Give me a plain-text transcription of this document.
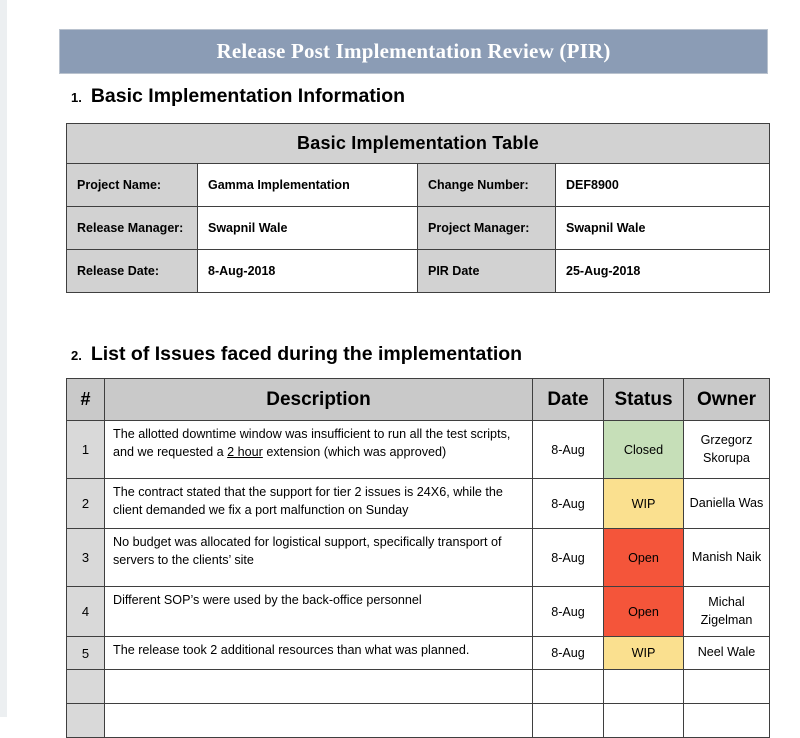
Release Post Implementation Review (PIR)
1. Basic Implementation Information
Basic Implementation Table			
Project Name:	Gamma Implementation	Change Number:	DEF8900
Release Manager:	Swapnil Wale	Project Manager:	Swapnil Wale
Release Date:	8-Aug-2018	PIR Date	25-Aug-2018
2. List of Issues faced during the implementation
#	Description	Date	Status	Owner
1	The allotted downtime window was insufficient to run all the test scripts, and we requested a 2 hour extension (which was approved)	8-Aug	Closed	Grzegorz Skorupa
2	The contract stated that the support for tier 2 issues is 24X6, while the client demanded we fix a port malfunction on Sunday	8-Aug	WIP	Daniella Was
3	No budget was allocated for logistical support, specifically transport of servers to the clients’ site	8-Aug	Open	Manish Naik
4	Different SOP’s were used by the back-office personnel	8-Aug	Open	Michal Zigelman
5	The release took 2 additional resources than what was planned.	8-Aug	WIP	Neel Wale
